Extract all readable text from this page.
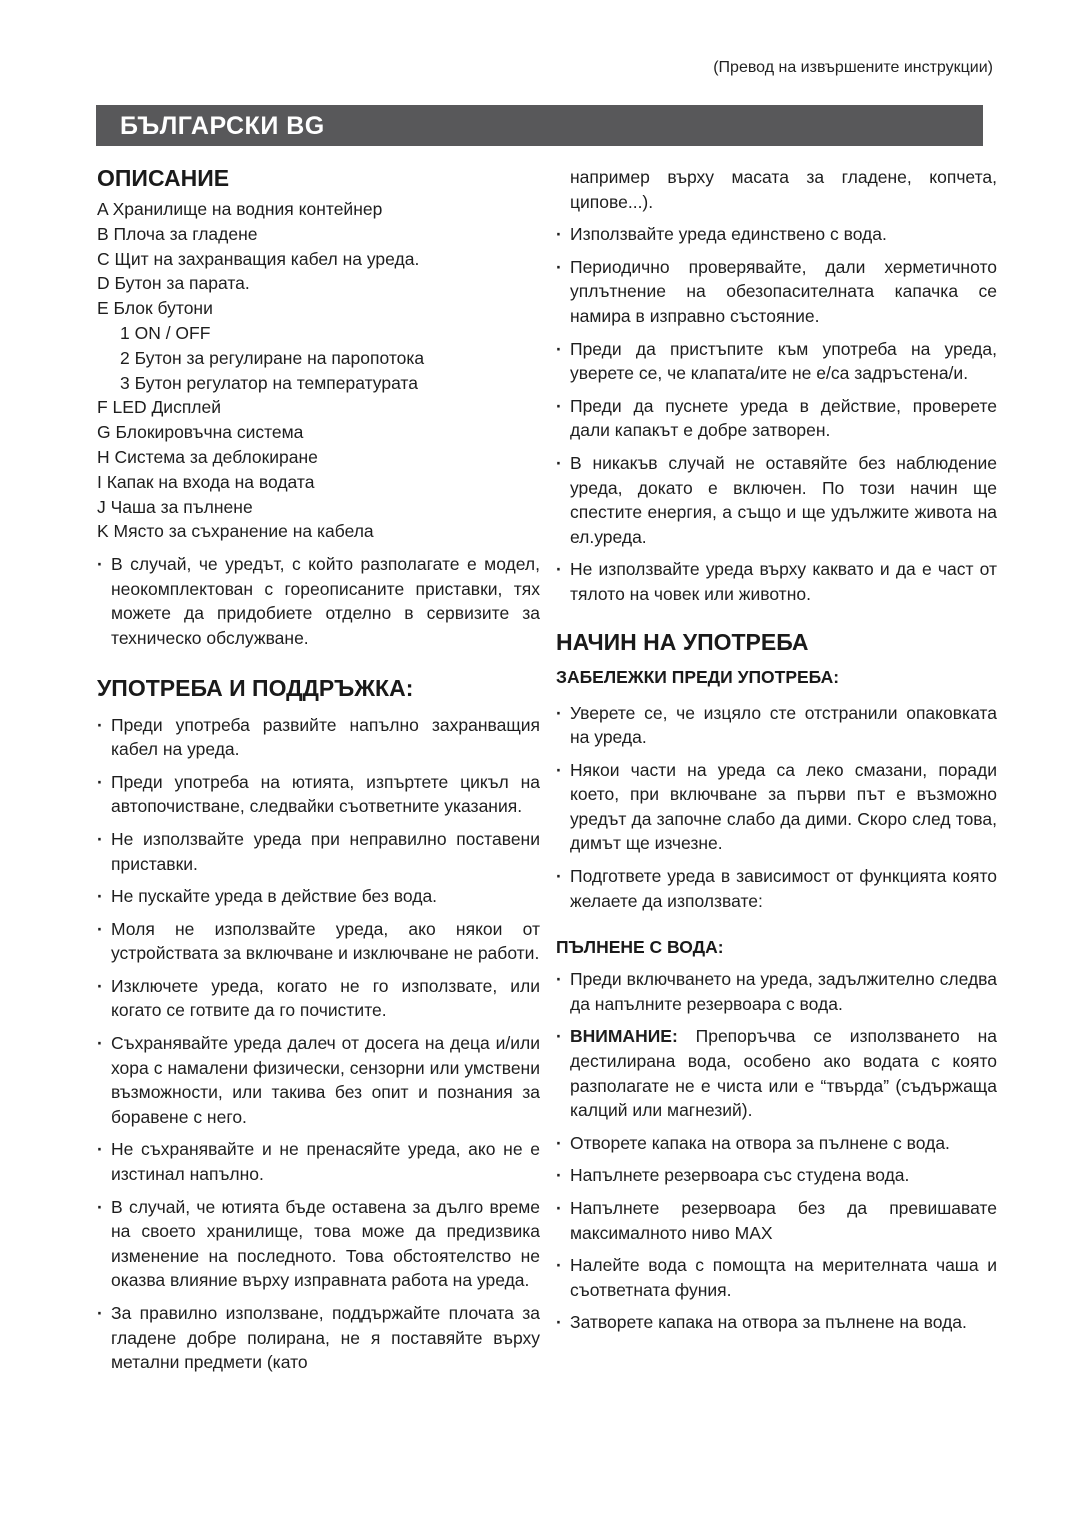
(Превод на извършените инструкции)
БЪЛГАРСКИ BG
ОПИСАНИЕ
A Хранилище на водния контейнер
B Плоча за гладене
C Щит на захранващия кабел на уреда.
D Бутон за парата.
E Блок бутони
1 ON / OFF
2 Бутон за регулиране на паропотока
3 Бутон регулатор на температурата
F LED Дисплей
G Блокировъчна система
H Система за деблокиране
I Капак на входа на водата
J Чаша за пълнене
K Място за съхранение на кабела
· В случай, че уредът, с който разполагате е модел, неокомплектован с гореописаните приставки, тях можете да придобиете отделно в сервизите за техническо обслужване.
УПОТРЕБА И ПОДДРЪЖКА:
· Преди употреба развийте напълно захранващия кабел на уреда.
· Преди употреба на ютията, изпъртете цикъл на автопочистване, следвайки съответните указания.
· Не използвайте уреда при неправилно поставени приставки.
· Не пускайте уреда в действие без вода.
· Моля не използвайте уреда, ако някои от устройствата за включване и изключване не работи.
· Изключете уреда, когато не го използвате, или когато се готвите да го почистите.
· Съхранявайте уреда далеч от досега на деца и/или хора с намалени физически, сензорни или умствени възможности, или такива без опит и познания за боравене с него.
· Не съхранявайте и не пренасяйте уреда, ако не е изстинал напълно.
· В случай, че ютията бъде оставена за дълго време на своето хранилище, това може да предизвика изменение на последното. Това обстоятелство не оказва влияние върху изправната работа на уреда.
· За правилно използване, поддържайте плочата за гладене добре полирана, не я поставяйте върху метални предмети (като
например върху масата за гладене, копчета, ципове...).
· Използвайте уреда единствено с вода.
· Периодично проверявайте, дали херметичното уплътнение на обезопасителната капачка се намира в изправно състояние.
· Преди да пристъпите към употреба на уреда, уверете се, че клапата/ите не е/са задръстена/и.
· Преди да пуснете уреда в действие, проверете дали капакът е добре затворен.
· В никакъв случай не оставяйте без наблюдение уреда, докато е включен. По този начин ще спестите енергия, а също и ще удължите живота на ел.уреда.
· Не използвайте уреда върху каквато и да е част от тялото на човек или животно.
НАЧИН НА УПОТРЕБА
ЗАБЕЛЕЖКИ ПРЕДИ УПОТРЕБА:
· Уверете се, че изцяло сте отстранили опаковката на уреда.
· Някои части на уреда са леко смазани, поради което, при включване за първи път е възможно уредът да започне слабо да дими. Скоро след това, димът ще изчезне.
· Подгответе уреда в зависимост от функцията която желаете да използвате:
ПЪЛНЕНЕ С ВОДА:
· Преди включването на уреда, задължително следва да напълните резервоара с вода.
· ВНИМАНИЕ: Препоръчва се използването на дестилирана вода, особено ако водата с която разполагате не е чиста или е “твърда” (съдържаща калций или магнезий).
· Отворете капака на отвора за пълнене с вода.
· Напълнете резервоара със студена вода.
· Напълнете резервоара без да превишавате максималното ниво MAX
· Налейте вода с помощта на мерителната чаша и съответната фуния.
· Затворете капака на отвора за пълнене на вода.
